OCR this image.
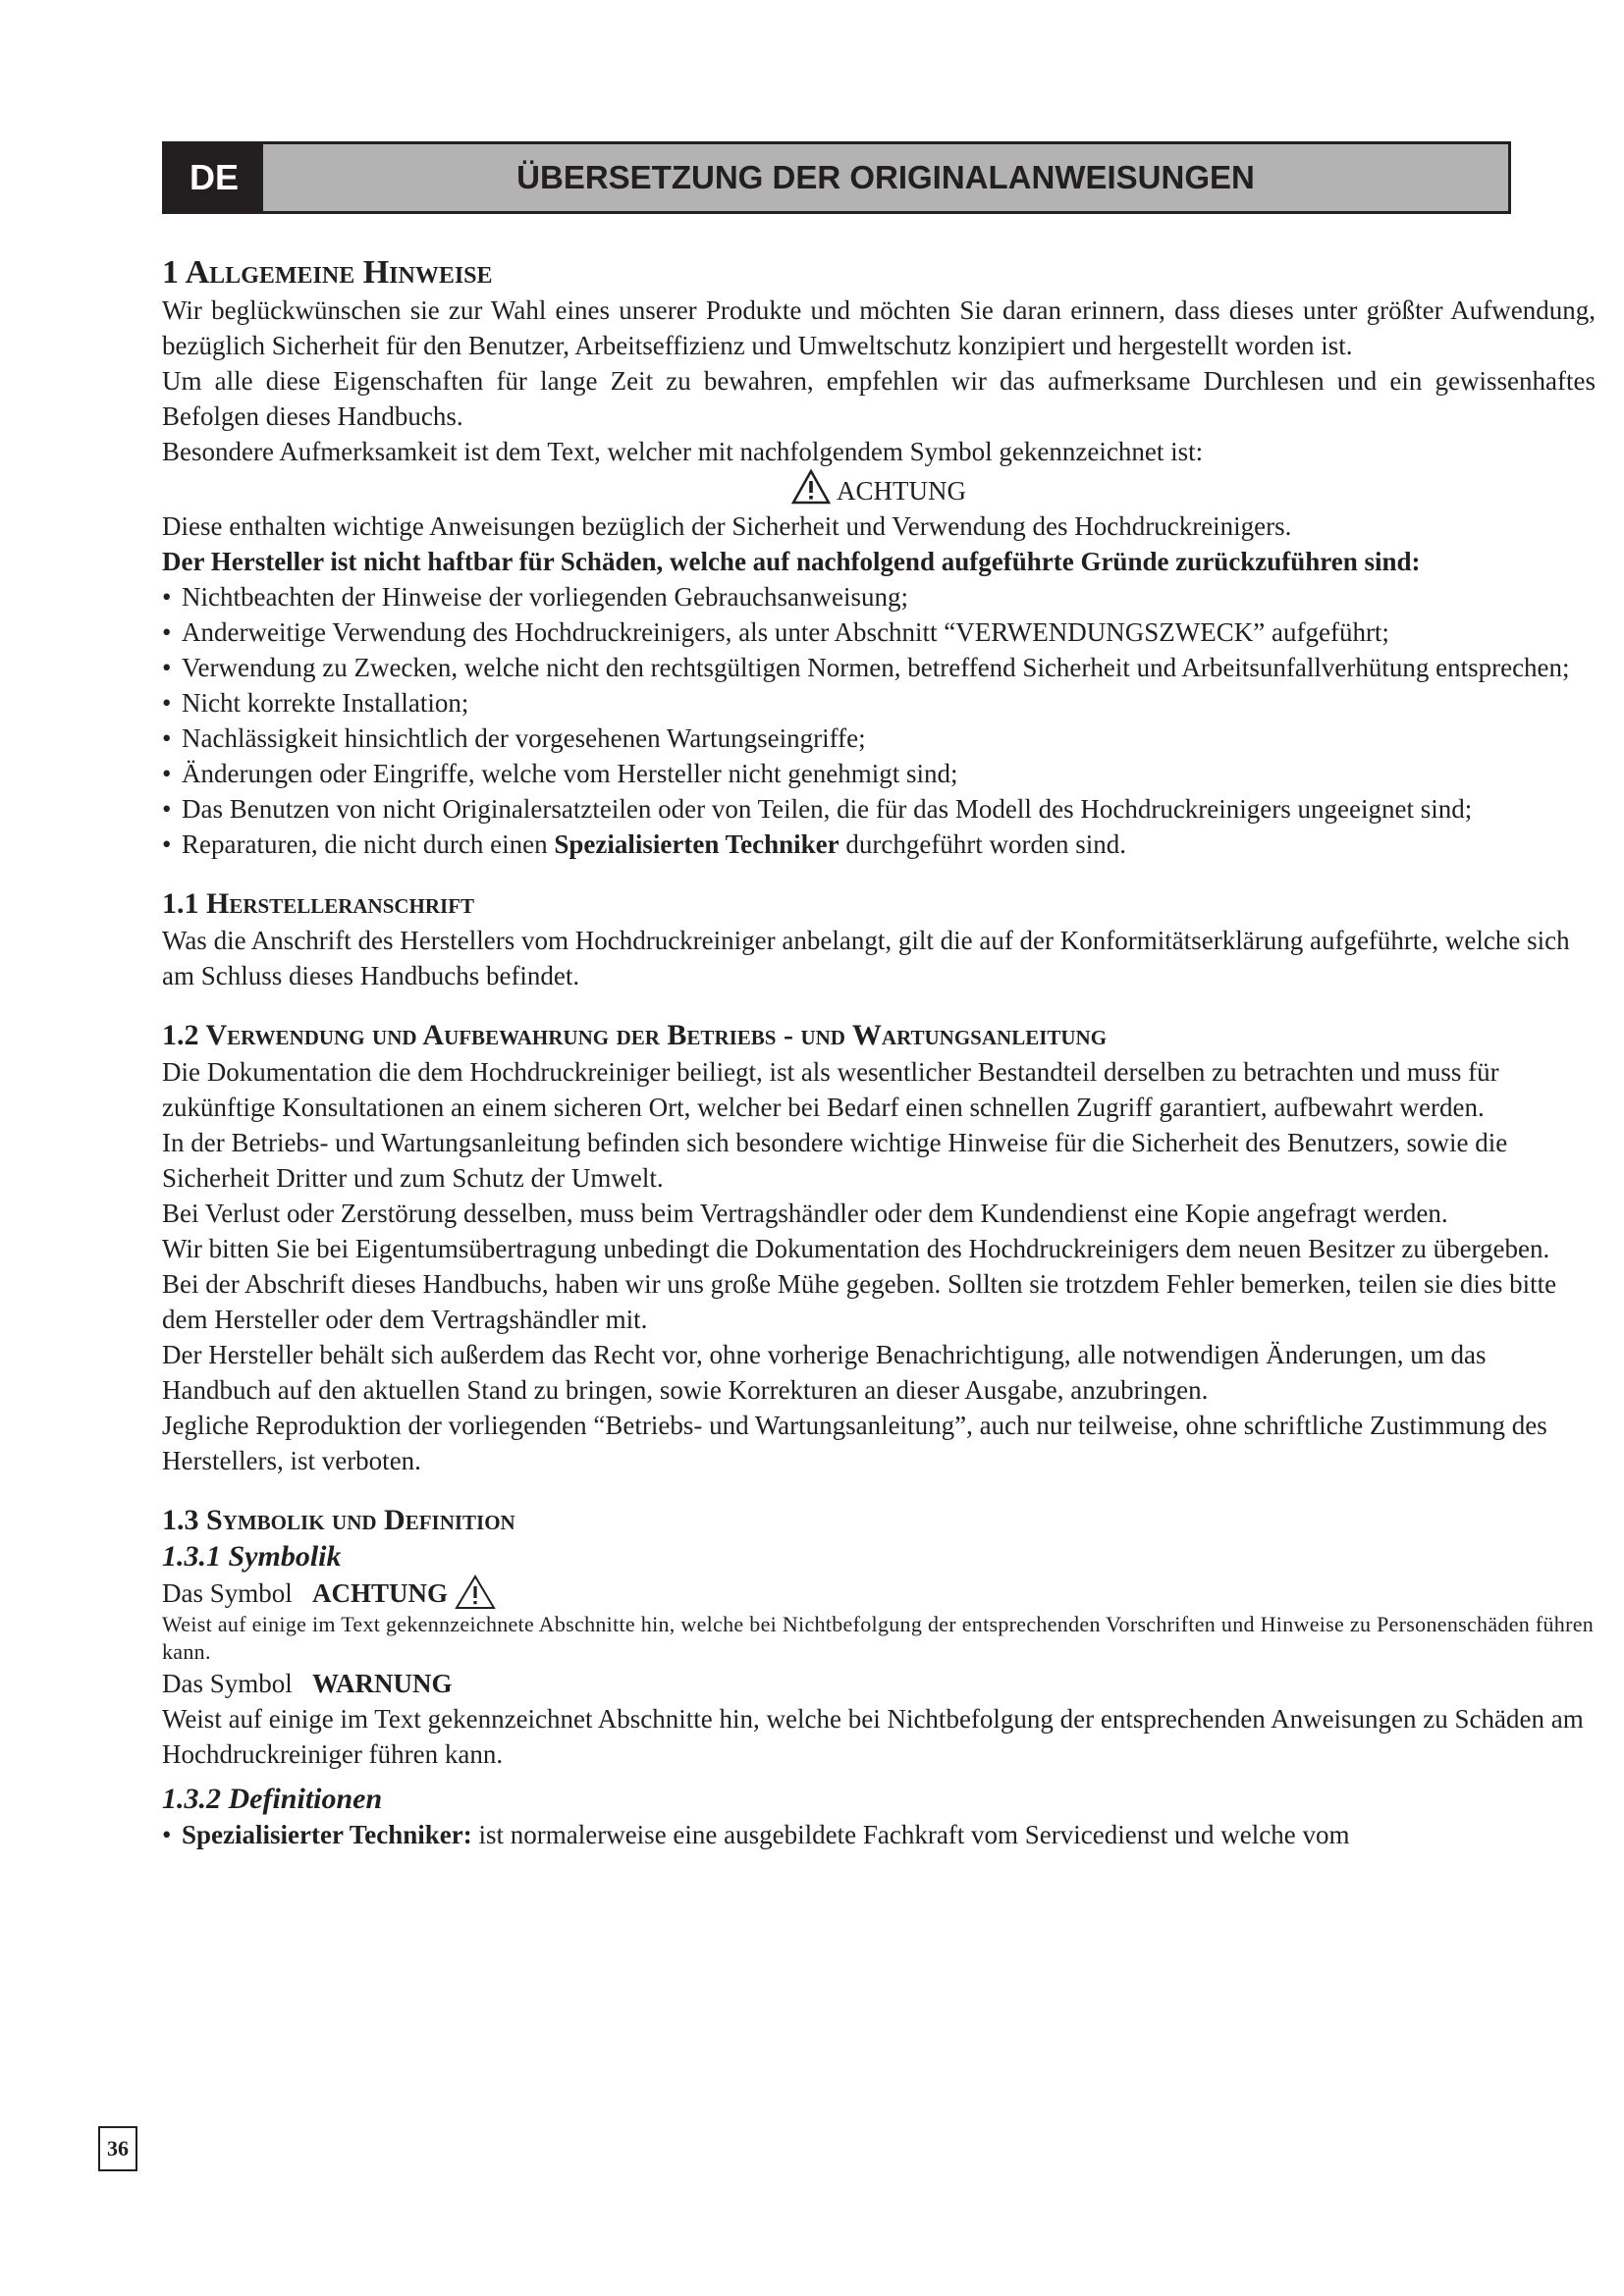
DE	ÜBERSETZUNG DER ORIGINALANWEISUNGEN
1 Allgemeine Hinweise

Wir beglückwünschen sie zur Wahl eines unserer Produkte und möchten Sie daran erinnern, dass dieses unter größter Aufwendung, bezüglich Sicherheit für den Benutzer, Arbeitseffizienz und Umweltschutz konzipiert und hergestellt worden ist.

Um alle diese Eigenschaften für lange Zeit zu bewahren, empfehlen wir das aufmerksame Durchlesen und ein gewissenhaftes Befolgen dieses Handbuchs.

Besondere Aufmerksamkeit ist dem Text, welcher mit nachfolgendem Symbol gekennzeichnet ist:

ACHTUNG

Diese enthalten wichtige Anweisungen bezüglich der Sicherheit und Verwendung des Hochdruckreinigers.

Der Hersteller ist nicht haftbar für Schäden, welche auf nachfolgend aufgeführte Gründe zurückzuführen sind:

• Nichtbeachten der Hinweise der vorliegenden Gebrauchsanweisung;
• Anderweitige Verwendung des Hochdruckreinigers, als unter Abschnitt “VERWENDUNGSZWECK” aufgeführt;
• Verwendung zu Zwecken, welche nicht den rechtsgültigen Normen, betreffend Sicherheit und Arbeitsunfallverhütung entsprechen;
• Nicht korrekte Installation;
• Nachlässigkeit hinsichtlich der vorgesehenen Wartungseingriffe;
• Änderungen oder Eingriffe, welche vom Hersteller nicht genehmigt sind;
• Das Benutzen von nicht Originalersatzteilen oder von Teilen, die für das Modell des Hochdruckreinigers ungeeignet sind;
• Reparaturen, die nicht durch einen Spezialisierten Techniker durchgeführt worden sind.
1.1 Herstelleranschrift

Was die Anschrift des Herstellers vom Hochdruckreiniger anbelangt, gilt die auf der Konformitätserklärung aufgeführte, welche sich am Schluss dieses Handbuchs befindet.

1.2 Verwendung und Aufbewahrung der Betriebs - und Wartungsanleitung

Die Dokumentation die dem Hochdruckreiniger beiliegt, ist als wesentlicher Bestandteil derselben zu betrachten und muss für zukünftige Konsultationen an einem sicheren Ort, welcher bei Bedarf einen schnellen Zugriff garantiert, aufbewahrt werden.

In der Betriebs- und Wartungsanleitung befinden sich besondere wichtige Hinweise für die Sicherheit des Benutzers, sowie die Sicherheit Dritter und zum Schutz der Umwelt.

Bei Verlust oder Zerstörung desselben, muss beim Vertragshändler oder dem Kundendienst eine Kopie angefragt werden.

Wir bitten Sie bei Eigentumsübertragung unbedingt die Dokumentation des Hochdruckreinigers dem neuen Besitzer zu übergeben.

Bei der Abschrift dieses Handbuchs, haben wir uns große Mühe gegeben. Sollten sie trotzdem Fehler bemerken, teilen sie dies bitte dem Hersteller oder dem Vertragshändler mit.

Der Hersteller behält sich außerdem das Recht vor, ohne vorherige Benachrichtigung, alle notwendigen Änderungen, um das Handbuch auf den aktuellen Stand zu bringen, sowie Korrekturen an dieser Ausgabe, anzubringen.

Jegliche Reproduktion der vorliegenden “Betriebs- und Wartungsanleitung”, auch nur teilweise, ohne schriftliche Zustimmung des Herstellers, ist verboten.

1.3 Symbolik und Definition
1.3.1 Symbolik

Das Symbol ACHTUNG

Weist auf einige im Text gekennzeichnete Abschnitte hin, welche bei Nichtbefolgung der entsprechenden Vorschriften und Hinweise zu Personenschäden führen kann.

Das Symbol WARNUNG

Weist auf einige im Text gekennzeichnet Abschnitte hin, welche bei Nichtbefolgung der entsprechenden Anweisungen zu Schäden am Hochdruckreiniger führen kann.

1.3.2 Definitionen
• Spezialisierter Techniker: ist normalerweise eine ausgebildete Fachkraft vom Servicedienst und welche vom
36
